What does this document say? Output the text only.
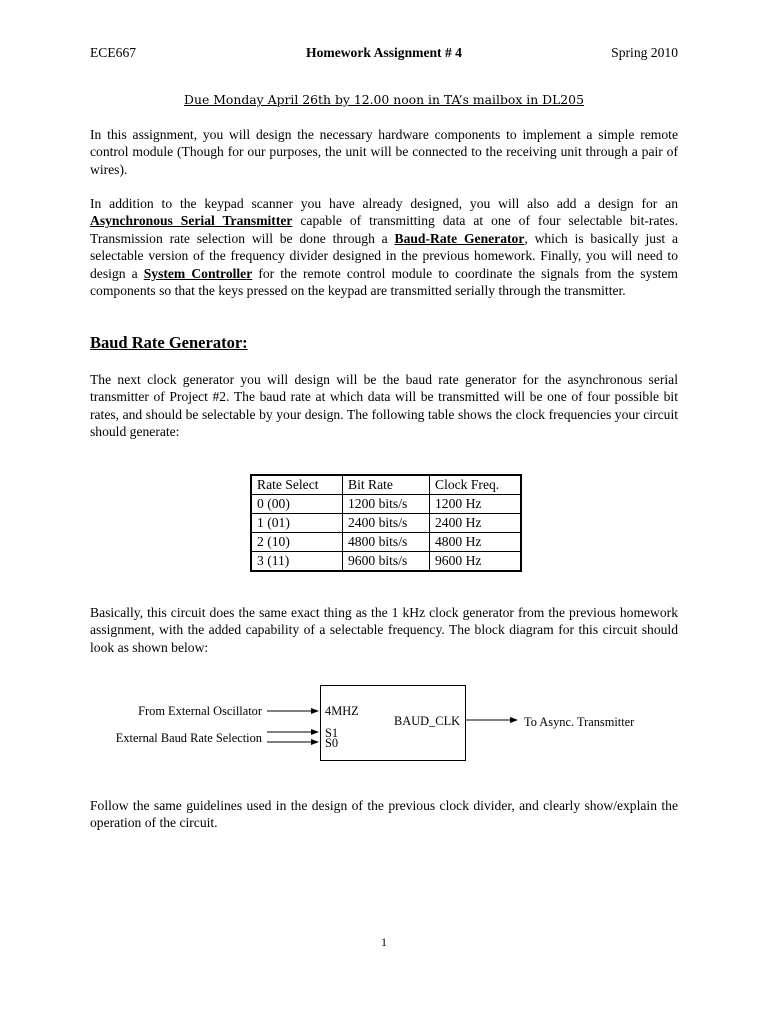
ECE667	Homework Assignment # 4	Spring 2010
Due Monday April 26th by 12.00 noon in TA’s mailbox in DL205
In this assignment, you will design the necessary hardware components to implement a simple remote control module (Though for our purposes, the unit will be connected to the receiving unit through a pair of wires).
In addition to the keypad scanner you have already designed, you will also add a design for an Asynchronous Serial Transmitter capable of transmitting data at one of four selectable bit-rates. Transmission rate selection will be done through a Baud-Rate Generator, which is basically just a selectable version of the frequency divider designed in the previous homework. Finally, you will need to design a System Controller for the remote control module to coordinate the signals from the system components so that the keys pressed on the keypad are transmitted serially through the transmitter.
Baud Rate Generator:
The next clock generator you will design will be the baud rate generator for the asynchronous serial transmitter of Project #2. The baud rate at which data will be transmitted will be one of four possible bit rates, and should be selectable by your design. The following table shows the clock frequencies your circuit should generate:
Rate Select	Bit Rate	Clock Freq.
0 (00)	1200 bits/s	1200 Hz
1 (01)	2400 bits/s	2400 Hz
2 (10)	4800 bits/s	4800 Hz
3 (11)	9600 bits/s	9600 Hz
Basically, this circuit does the same exact thing as the 1 kHz clock generator from the previous homework assignment, with the added capability of a selectable frequency. The block diagram for this circuit should look as shown below:
From External Oscillator
External Baud Rate Selection
4MHZ
S1
S0
BAUD_CLK	To Async. Transmitter
Follow the same guidelines used in the design of the previous clock divider, and clearly show/explain the operation of the circuit.
1
